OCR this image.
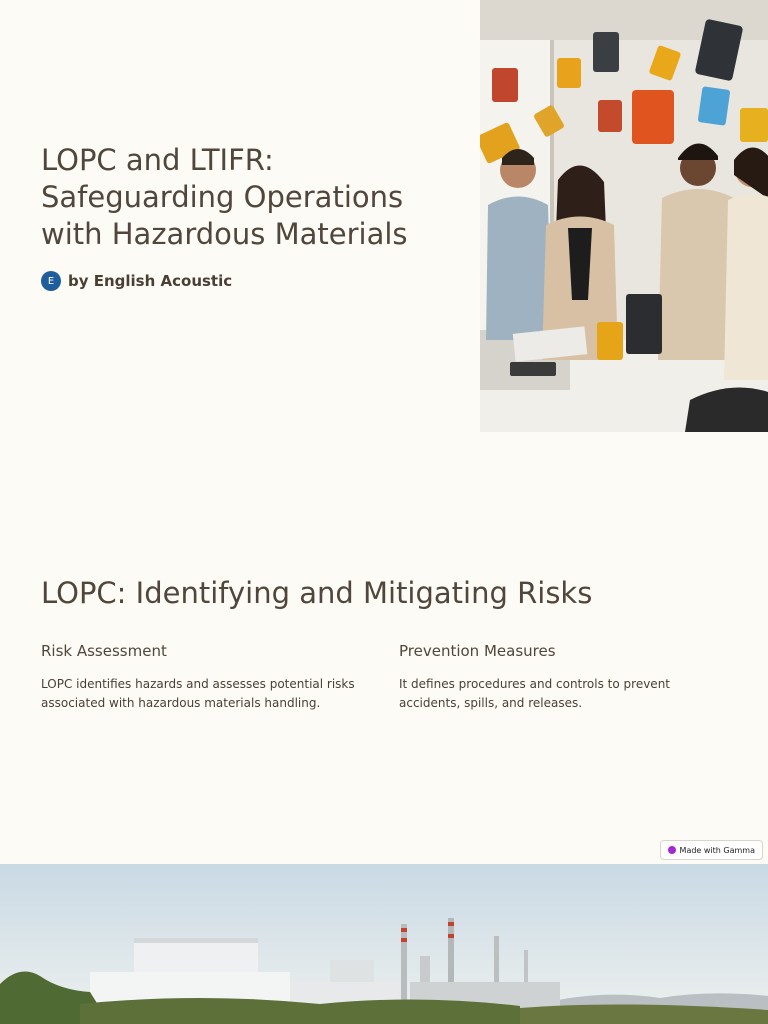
LOPC and LTIFR: Safeguarding Operations with Hazardous Materials
E by English Acoustic
LOPC: Identifying and Mitigating Risks
Risk Assessment

LOPC identifies hazards and assesses potential risks associated with hazardous materials handling.

Prevention Measures

It defines procedures and controls to prevent accidents, spills, and releases.

Made with Gamma
